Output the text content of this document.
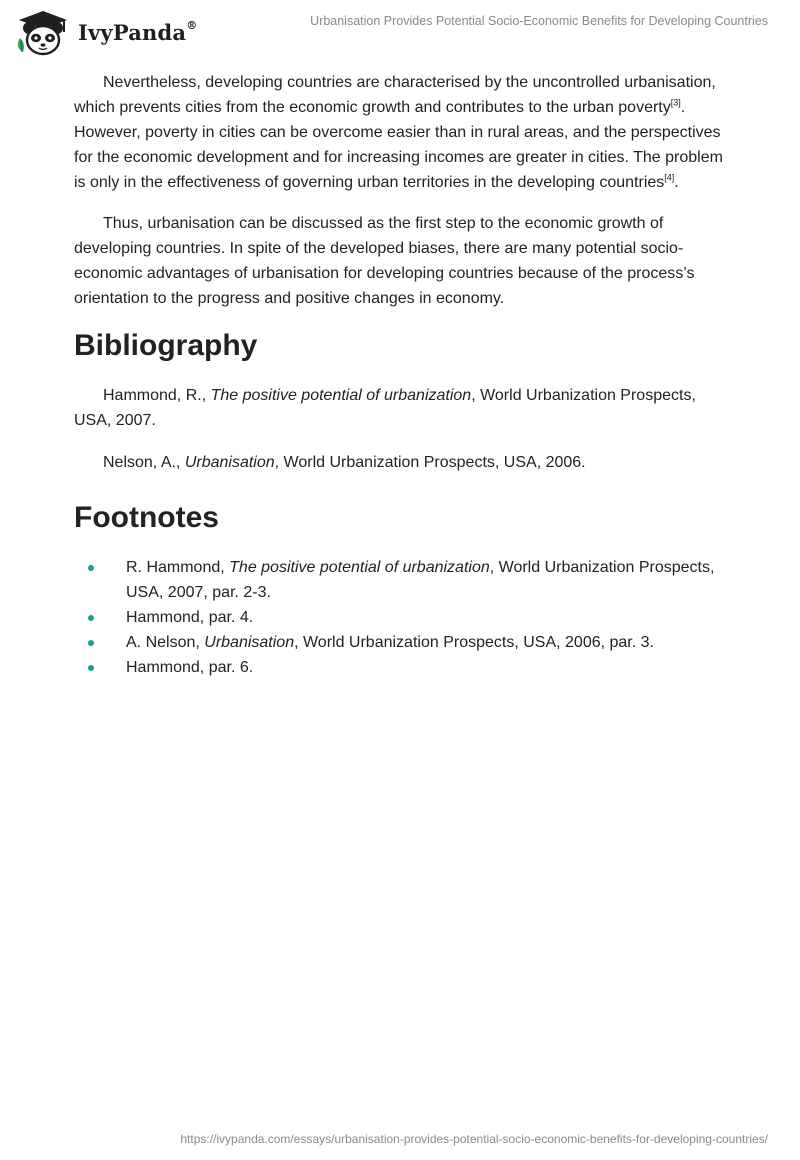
IvyPanda®	Urbanisation Provides Potential Socio-Economic Benefits for Developing Countries

Nevertheless, developing countries are characterised by the uncontrolled urbanisation, which prevents cities from the economic growth and contributes to the urban poverty[3]. However, poverty in cities can be overcome easier than in rural areas, and the perspectives for the economic development and for increasing incomes are greater in cities. The problem is only in the effectiveness of governing urban territories in the developing countries[4].

Thus, urbanisation can be discussed as the first step to the economic growth of developing countries. In spite of the developed biases, there are many potential socio-economic advantages of urbanisation for developing countries because of the process’s orientation to the progress and positive changes in economy.

Bibliography

Hammond, R., The positive potential of urbanization, World Urbanization Prospects, USA, 2007.

Nelson, A., Urbanisation, World Urbanization Prospects, USA, 2006.

Footnotes
R. Hammond, The positive potential of urbanization, World Urbanization Prospects, USA, 2007, par. 2-3.
Hammond, par. 4.
A. Nelson, Urbanisation, World Urbanization Prospects, USA, 2006, par. 3.
Hammond, par. 6.
https://ivypanda.com/essays/urbanisation-provides-potential-socio-economic-benefits-for-developing-countries/
